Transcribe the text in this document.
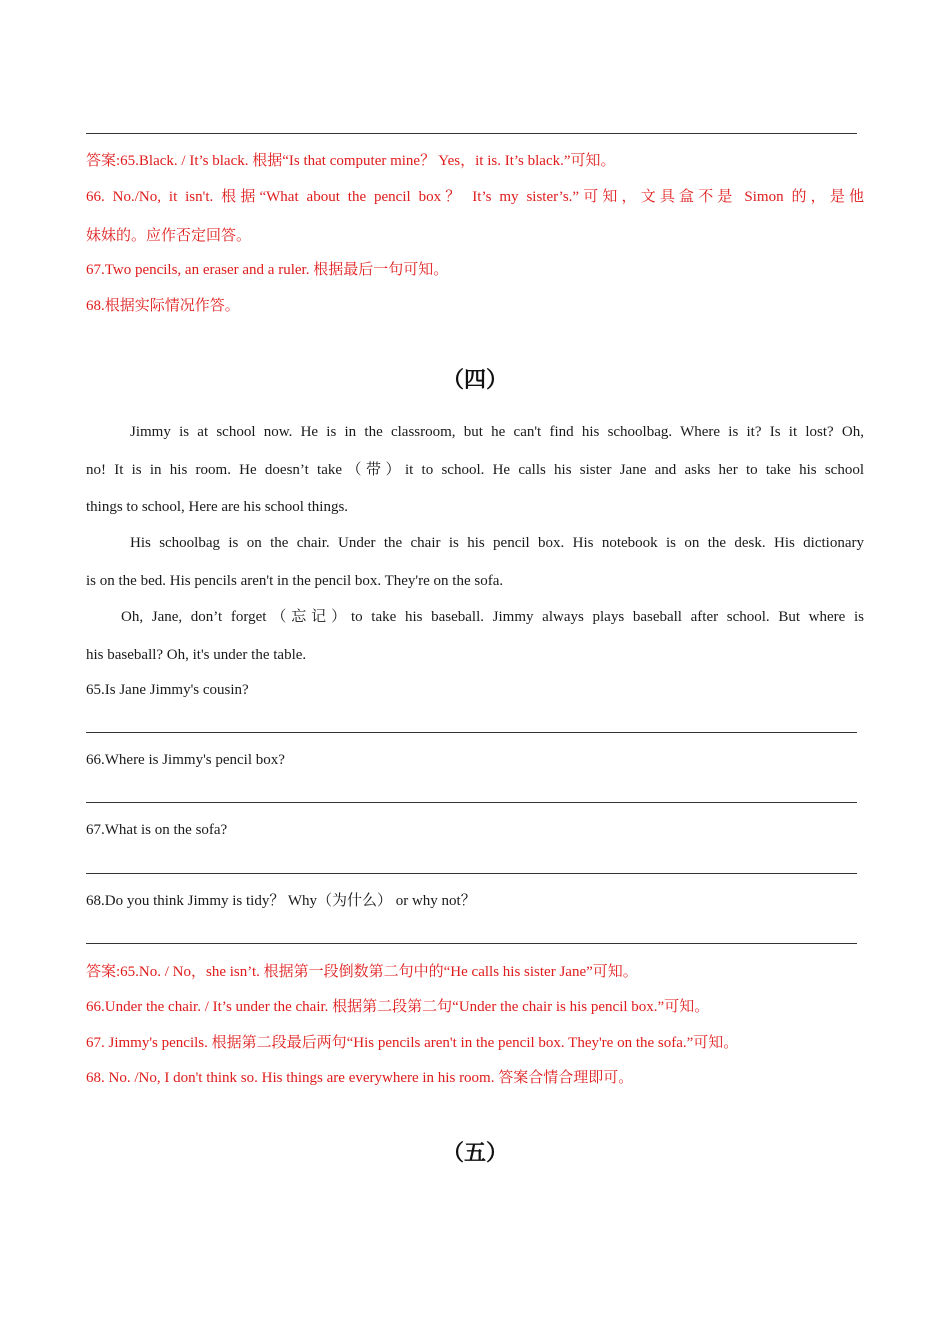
答案:65.Black. / It’s black. 根据“Is that computer mine？ Yes，it is. It’s black.”可知。
66. No./No, it isn't. 根据“What about the pencil box？ It’s my sister’s.”可知，文具盒不是 Simon 的，是他
妹妹的。应作否定回答。
67.Two pencils, an eraser and a ruler. 根据最后一句可知。
68.根据实际情况作答。
（四）
Jimmy is at school now. He is in the classroom, but he can't find his schoolbag. Where is it? Is it lost? Oh,
no! It is in his room. He doesn’t take（带）it to school. He calls his sister Jane and asks her to take his school
things to school, Here are his school things.
His schoolbag is on the chair. Under the chair is his pencil box. His notebook is on the desk. His dictionary
is on the bed. His pencils aren't in the pencil box. They're on the sofa.
Oh, Jane, don’t forget（忘记）to take his baseball. Jimmy always plays baseball after school. But where is
his baseball? Oh, it's under the table.
65.Is Jane Jimmy's cousin?
66.Where is Jimmy's pencil box?
67.What is on the sofa?
68.Do you think Jimmy is tidy？ Why（为什么） or why not？
答案:65.No. / No，she isn’t. 根据第一段倒数第二句中的“He calls his sister Jane”可知。
66.Under the chair. / It’s under the chair. 根据第二段第二句“Under the chair is his pencil box.”可知。
67. Jimmy's pencils. 根据第二段最后两句“His pencils aren't in the pencil box. They're on the sofa.”可知。
68. No. /No, I don't think so. His things are everywhere in his room. 答案合情合理即可。
（五）
